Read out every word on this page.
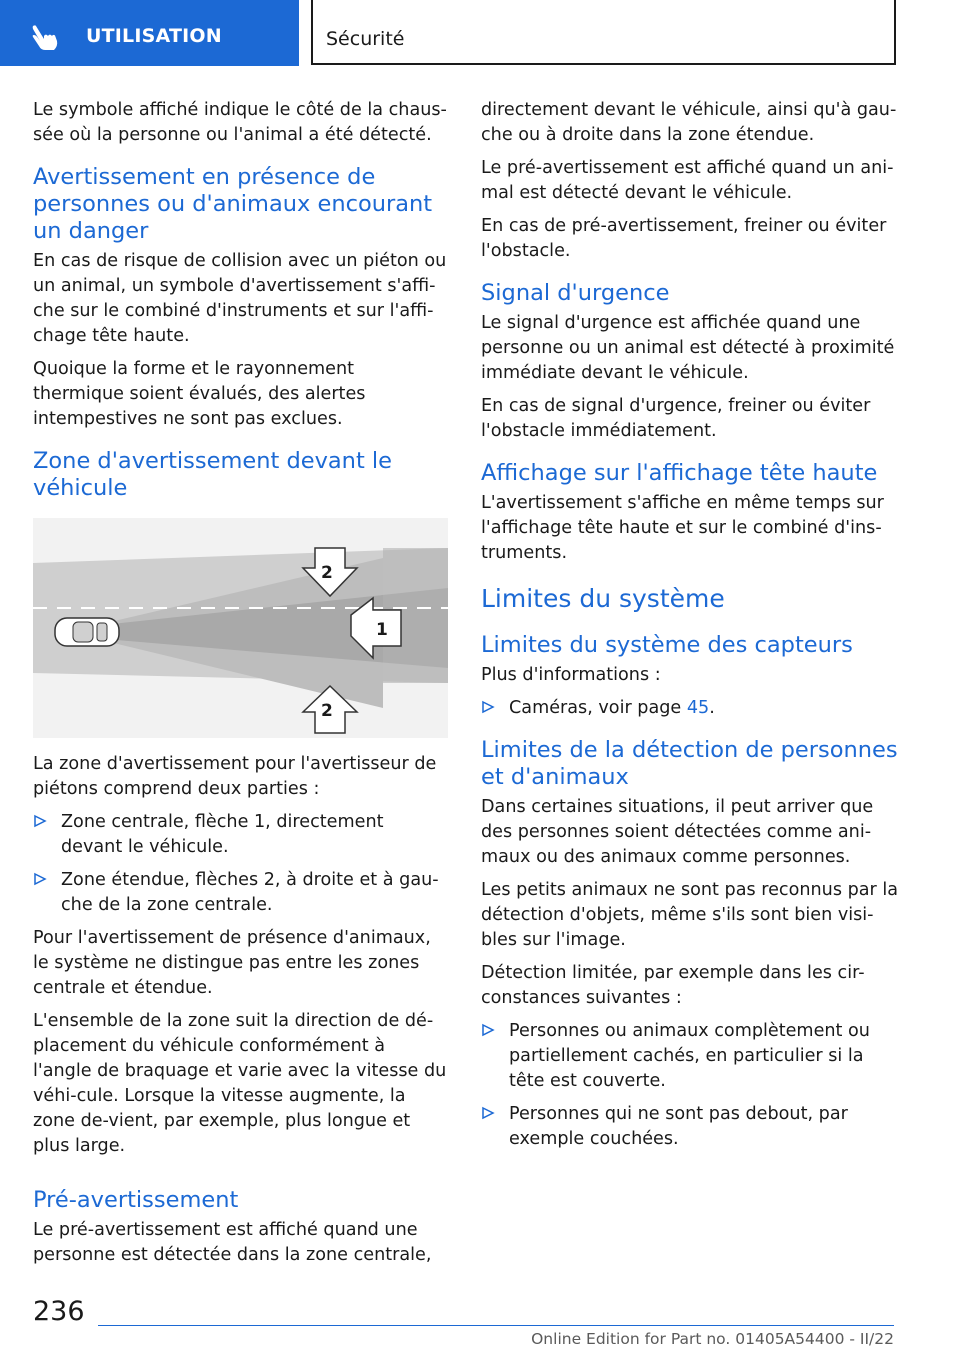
UTILISATION	Sécurité

Le symbole affiché indique le côté de la chaus-sée où la personne ou l'animal a été détecté.

Avertissement en présence de personnes ou d'animaux encourant un danger

En cas de risque de collision avec un piéton ou un animal, un symbole d'avertissement s'affi-che sur le combiné d'instruments et sur l'affi-chage tête haute.

Quoique la forme et le rayonnement thermique soient évalués, des alertes intempestives ne sont pas exclues.

Zone d'avertissement devant le véhicule
1
2
2

La zone d'avertissement pour l'avertisseur de piétons comprend deux parties :

Zone centrale, flèche 1, directement devant le véhicule.
Zone étendue, flèches 2, à droite et à gau-che de la zone centrale.

Pour l'avertissement de présence d'animaux, le système ne distingue pas entre les zones centrale et étendue.

L'ensemble de la zone suit la direction de dé-placement du véhicule conformément à l'angle de braquage et varie avec la vitesse du véhi-cule. Lorsque la vitesse augmente, la zone de-vient, par exemple, plus longue et plus large.

Pré-avertissement

Le pré-avertissement est affiché quand une personne est détectée dans la zone centrale,

directement devant le véhicule, ainsi qu'à gau-che ou à droite dans la zone étendue.

Le pré-avertissement est affiché quand un ani-mal est détecté devant le véhicule.

En cas de pré-avertissement, freiner ou éviter l'obstacle.

Signal d'urgence

Le signal d'urgence est affichée quand une personne ou un animal est détecté à proximité immédiate devant le véhicule.

En cas de signal d'urgence, freiner ou éviter l'obstacle immédiatement.

Affichage sur l'affichage tête haute

L'avertissement s'affiche en même temps sur l'affichage tête haute et sur le combiné d'ins-truments.

Limites du système
Limites du système des capteurs

Plus d'informations :

Caméras, voir page 45.
Limites de la détection de personnes et d'animaux

Dans certaines situations, il peut arriver que des personnes soient détectées comme ani-maux ou des animaux comme personnes.

Les petits animaux ne sont pas reconnus par la détection d'objets, même s'ils sont bien visi-bles sur l'image.

Détection limitée, par exemple dans les cir-constances suivantes :

Personnes ou animaux complètement ou partiellement cachés, en particulier si la tête est couverte.
Personnes qui ne sont pas debout, par exemple couchées.
236
Online Edition for Part no. 01405A54400 - II/22
